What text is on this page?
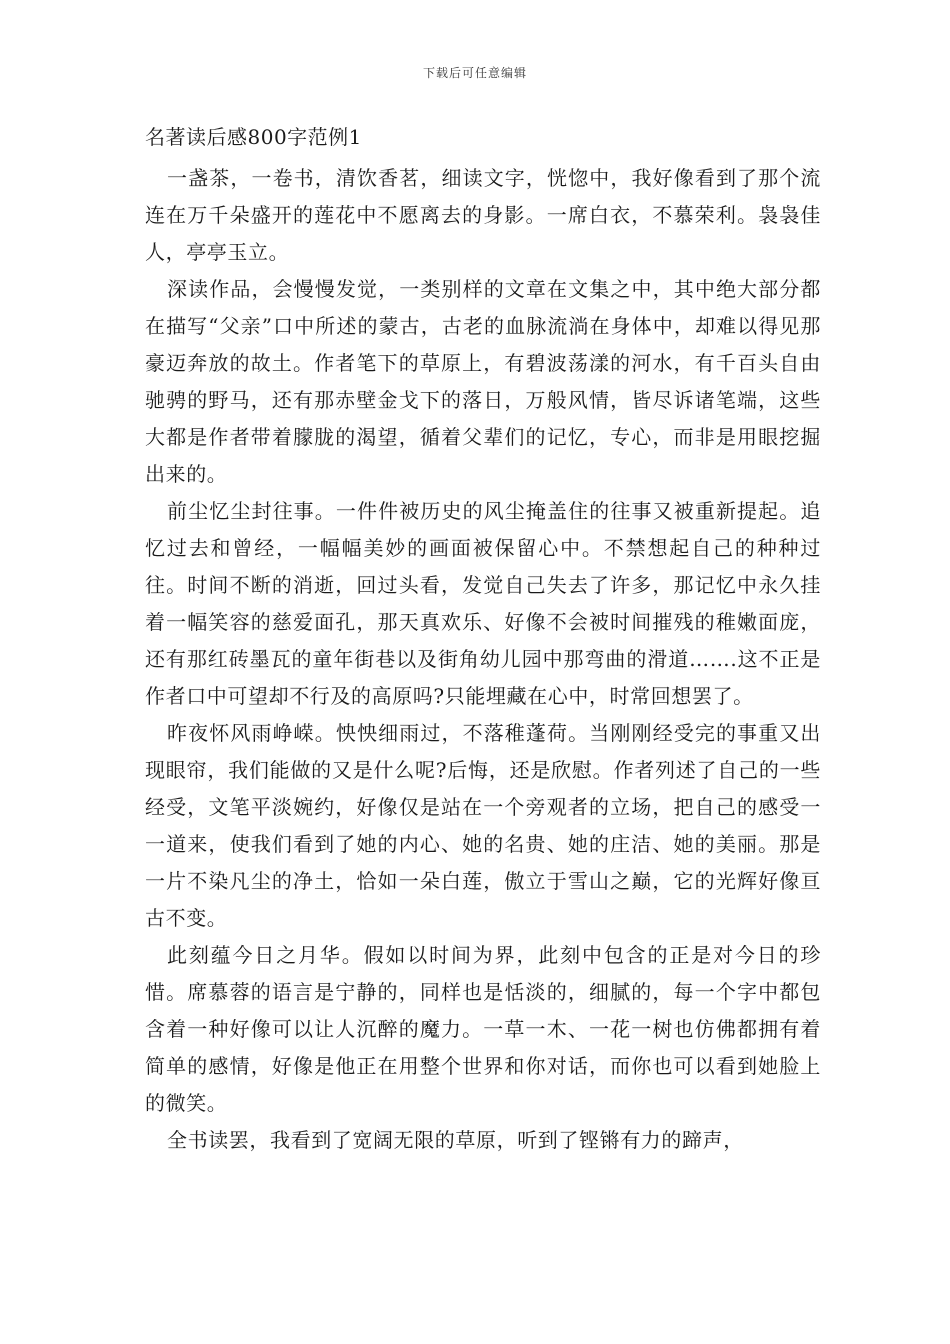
下载后可任意编辑
名著读后感800字范例1

一盏茶，一卷书，清饮香茗，细读文字，恍惚中，我好像看到了那个流连在万千朵盛开的莲花中不愿离去的身影。一席白衣，不慕荣利。袅袅佳人，亭亭玉立。

深读作品，会慢慢发觉，一类别样的文章在文集之中，其中绝大部分都在描写“父亲”口中所述的蒙古，古老的血脉流淌在身体中，却难以得见那豪迈奔放的故土。作者笔下的草原上，有碧波荡漾的河水，有千百头自由驰骋的野马，还有那赤壁金戈下的落日，万般风情，皆尽诉诸笔端，这些大都是作者带着朦胧的渴望，循着父辈们的记忆，专心，而非是用眼挖掘出来的。

前尘忆尘封往事。一件件被历史的风尘掩盖住的往事又被重新提起。追忆过去和曾经，一幅幅美妙的画面被保留心中。不禁想起自己的种种过往。时间不断的消逝，回过头看，发觉自己失去了许多，那记忆中永久挂着一幅笑容的慈爱面孔，那天真欢乐、好像不会被时间摧残的稚嫩面庞，还有那红砖墨瓦的童年街巷以及街角幼儿园中那弯曲的滑道…….这不正是作者口中可望却不行及的高原吗?只能埋藏在心中，时常回想罢了。

昨夜怀风雨峥嵘。怏怏细雨过，不落稚蓬荷。当刚刚经受完的事重又出现眼帘，我们能做的又是什么呢?后悔，还是欣慰。作者列述了自己的一些经受，文笔平淡婉约，好像仅是站在一个旁观者的立场，把自己的感受一一道来，使我们看到了她的内心、她的名贵、她的庄洁、她的美丽。那是一片不染凡尘的净土，恰如一朵白莲，傲立于雪山之巅，它的光辉好像亘古不变。

此刻蕴今日之月华。假如以时间为界，此刻中包含的正是对今日的珍惜。席慕蓉的语言是宁静的，同样也是恬淡的，细腻的，每一个字中都包含着一种好像可以让人沉醉的魔力。一草一木、一花一树也仿佛都拥有着简单的感情，好像是他正在用整个世界和你对话，而你也可以看到她脸上的微笑。

全书读罢，我看到了宽阔无限的草原，听到了铿锵有力的蹄声，
